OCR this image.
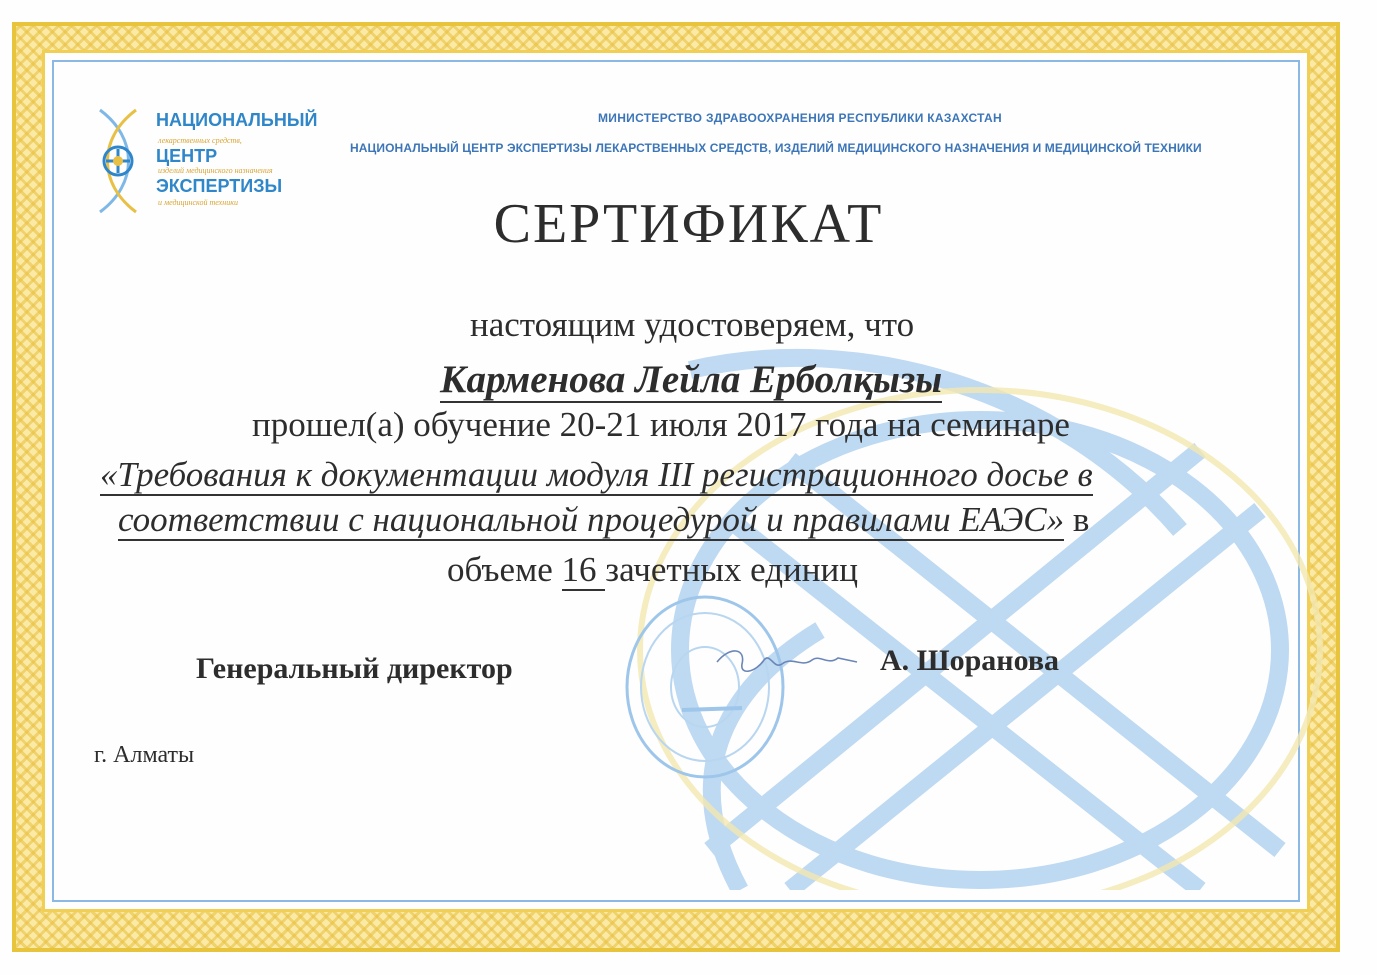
НАЦИОНАЛЬНЫЙ
лекарственных средств,
ЦЕНТР
изделий медицинского назначения
ЭКСПЕРТИЗЫ
и медицинской техники
МИНИСТЕРСТВО ЗДРАВООХРАНЕНИЯ РЕСПУБЛИКИ КАЗАХСТАН
НАЦИОНАЛЬНЫЙ ЦЕНТР ЭКСПЕРТИЗЫ ЛЕКАРСТВЕННЫХ СРЕДСТВ, ИЗДЕЛИЙ МЕДИЦИНСКОГО НАЗНАЧЕНИЯ И МЕДИЦИНСКОЙ ТЕХНИКИ
СЕРТИФИКАТ
настоящим удостоверяем, что
Карменова Лейла Ерболқызы
прошел(а) обучение 20-21 июля 2017 года на семинаре
«Требования к документации модуля III регистрационного досье в
соответствии с национальной процедурой и правилами ЕАЭС» в
объеме 16 зачетных единиц
Генеральный директор	А. Шоранова
г. Алматы
